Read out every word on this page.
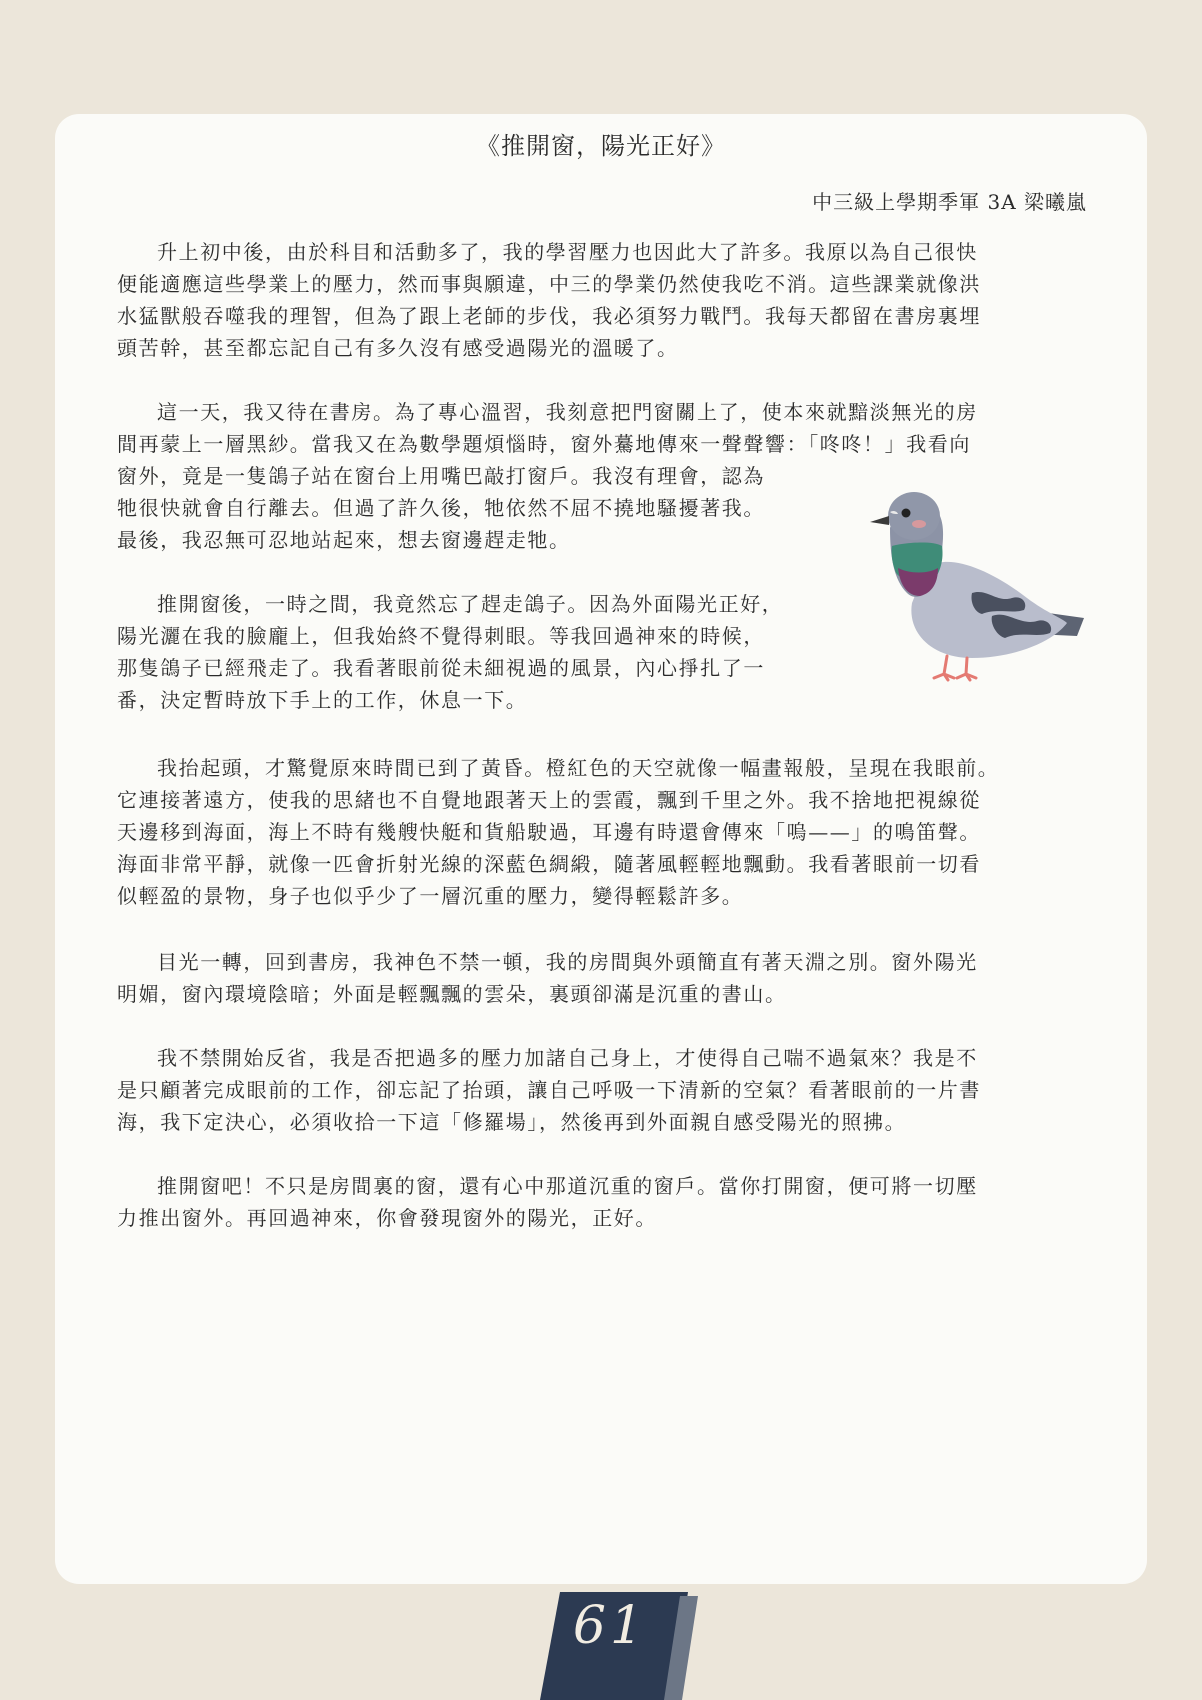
《推開窗，陽光正好》
中三級上學期季軍 3A 梁曦嵐

升上初中後，由於科目和活動多了，我的學習壓力也因此大了許多。我原以為自己很快
便能適應這些學業上的壓力，然而事與願違，中三的學業仍然使我吃不消。這些課業就像洪
水猛獸般吞噬我的理智，但為了跟上老師的步伐，我必須努力戰鬥。我每天都留在書房裏埋
頭苦幹，甚至都忘記自己有多久沒有感受過陽光的溫暖了。

這一天，我又待在書房。為了專心溫習，我刻意把門窗關上了，使本來就黯淡無光的房
間再蒙上一層黑紗。當我又在為數學題煩惱時，窗外驀地傳來一聲聲響：「咚咚！」我看向

窗外，竟是一隻鴿子站在窗台上用嘴巴敲打窗戶。我沒有理會，認為
牠很快就會自行離去。但過了許久後，牠依然不屈不撓地騷擾著我。
最後，我忍無可忍地站起來，想去窗邊趕走牠。

推開窗後，一時之間，我竟然忘了趕走鴿子。因為外面陽光正好，
陽光灑在我的臉龐上，但我始終不覺得刺眼。等我回過神來的時候，
那隻鴿子已經飛走了。我看著眼前從未細視過的風景，內心掙扎了一
番，決定暫時放下手上的工作，休息一下。

我抬起頭，才驚覺原來時間已到了黃昏。橙紅色的天空就像一幅畫報般，呈現在我眼前。
它連接著遠方，使我的思緒也不自覺地跟著天上的雲霞，飄到千里之外。我不捨地把視線從
天邊移到海面，海上不時有幾艘快艇和貨船駛過，耳邊有時還會傳來「嗚——」的鳴笛聲。
海面非常平靜，就像一匹會折射光線的深藍色綢緞，隨著風輕輕地飄動。我看著眼前一切看
似輕盈的景物，身子也似乎少了一層沉重的壓力，變得輕鬆許多。

目光一轉，回到書房，我神色不禁一頓，我的房間與外頭簡直有著天淵之別。窗外陽光
明媚，窗內環境陰暗；外面是輕飄飄的雲朵，裏頭卻滿是沉重的書山。

我不禁開始反省，我是否把過多的壓力加諸自己身上，才使得自己喘不過氣來？我是不
是只顧著完成眼前的工作，卻忘記了抬頭，讓自己呼吸一下清新的空氣？看著眼前的一片書
海，我下定決心，必須收拾一下這「修羅場」，然後再到外面親自感受陽光的照拂。

推開窗吧！不只是房間裏的窗，還有心中那道沉重的窗戶。當你打開窗，便可將一切壓
力推出窗外。再回過神來，你會發現窗外的陽光，正好。

61
